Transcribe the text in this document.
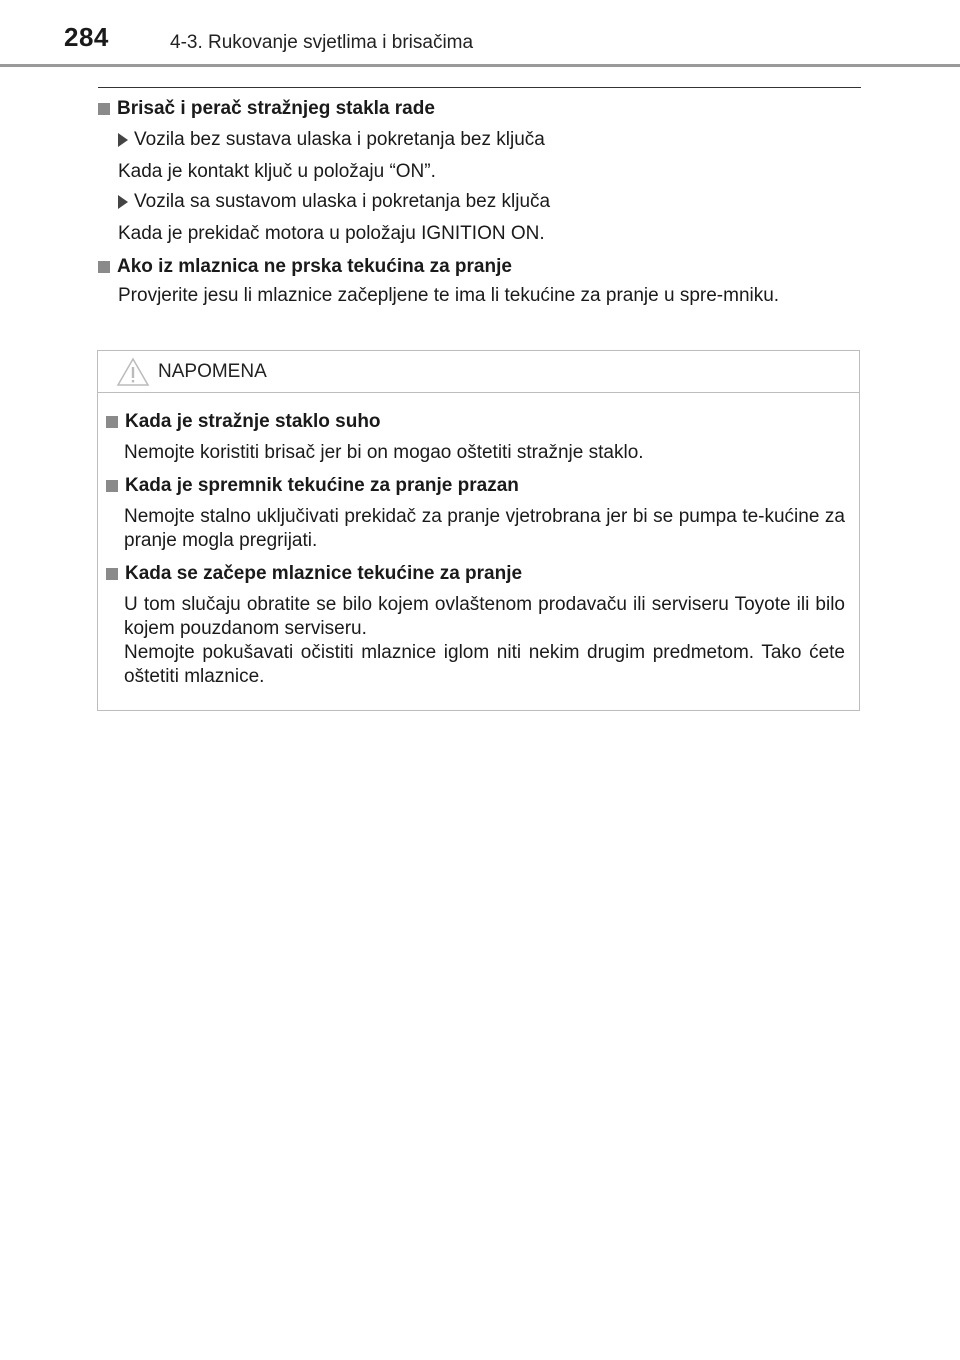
284	4-3. Rukovanje svjetlima i brisačima
Brisač i perač stražnjeg stakla rade
Vozila bez sustava ulaska i pokretanja bez ključa
Kada je kontakt ključ u položaju “ON”.
Vozila sa sustavom ulaska i pokretanja bez ključa
Kada je prekidač motora u položaju IGNITION ON.
Ako iz mlaznica ne prska tekućina za pranje
Provjerite jesu li mlaznice začepljene te ima li tekućine za pranje u spre-mniku.
NAPOMENA
Kada je stražnje staklo suho
Nemojte koristiti brisač jer bi on mogao oštetiti stražnje staklo.
Kada je spremnik tekućine za pranje prazan
Nemojte stalno uključivati prekidač za pranje vjetrobrana jer bi se pumpa te-kućine za pranje mogla pregrijati.
Kada se začepe mlaznice tekućine za pranje
U tom slučaju obratite se bilo kojem ovlaštenom prodavaču ili serviseru Toyote ili bilo kojem pouzdanom serviseru.
Nemojte pokušavati očistiti mlaznice iglom niti nekim drugim predmetom. Tako ćete oštetiti mlaznice.
